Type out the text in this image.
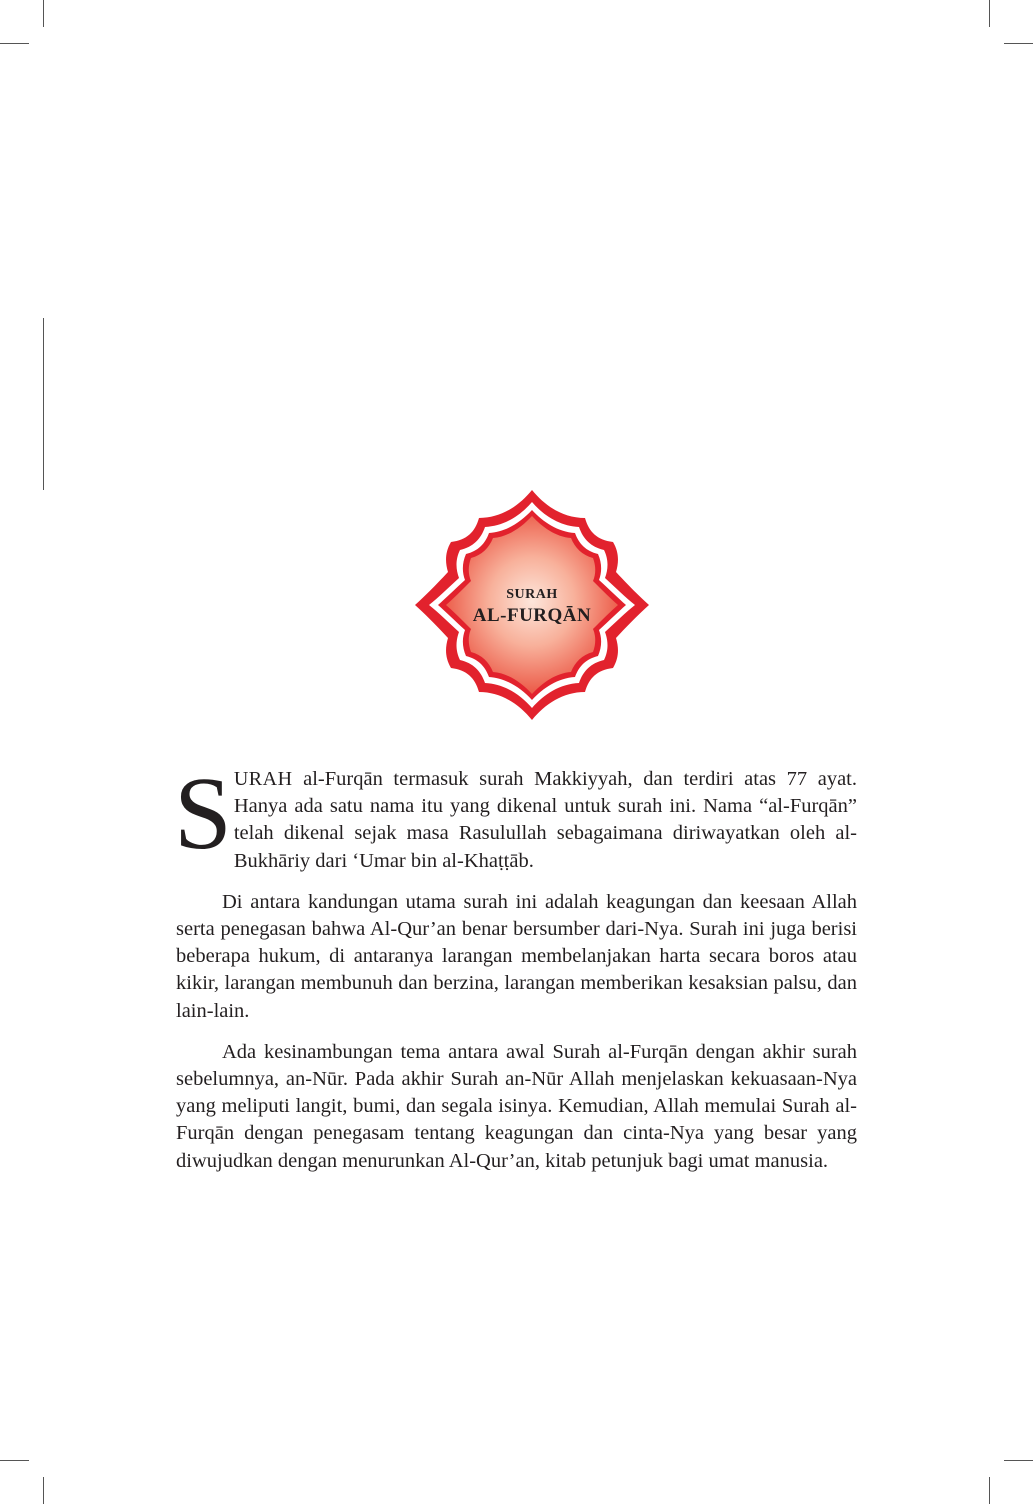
SURAH
AL-FURQĀN

SURAH al-Furqān termasuk surah Makkiyyah, dan terdiri atas 77 ayat. Hanya ada satu nama itu yang dikenal untuk surah ini. Nama “al-Furqān” telah dikenal sejak masa Rasulullah sebagaimana diriwayatkan oleh al-Bukhāriy dari ‘Umar bin al-Khaṭṭāb.

Di antara kandungan utama surah ini adalah keagungan dan keesaan Allah serta penegasan bahwa Al-Qur’an benar bersumber dari-Nya. Surah ini juga berisi beberapa hukum, di antaranya larangan membelanjakan harta secara boros atau kikir, larangan membunuh dan berzina, larangan memberikan kesaksian palsu, dan lain-lain.

Ada kesinambungan tema antara awal Surah al-Furqān dengan akhir surah sebelumnya, an-Nūr. Pada akhir Surah an-Nūr Allah menjelaskan kekuasaan-Nya yang meliputi langit, bumi, dan segala isinya. Kemudian, Allah memulai Surah al-Furqān dengan penegasam tentang keagungan dan cinta-Nya yang besar yang diwujudkan dengan menurunkan Al-Qur’an, kitab petunjuk bagi umat manusia.
